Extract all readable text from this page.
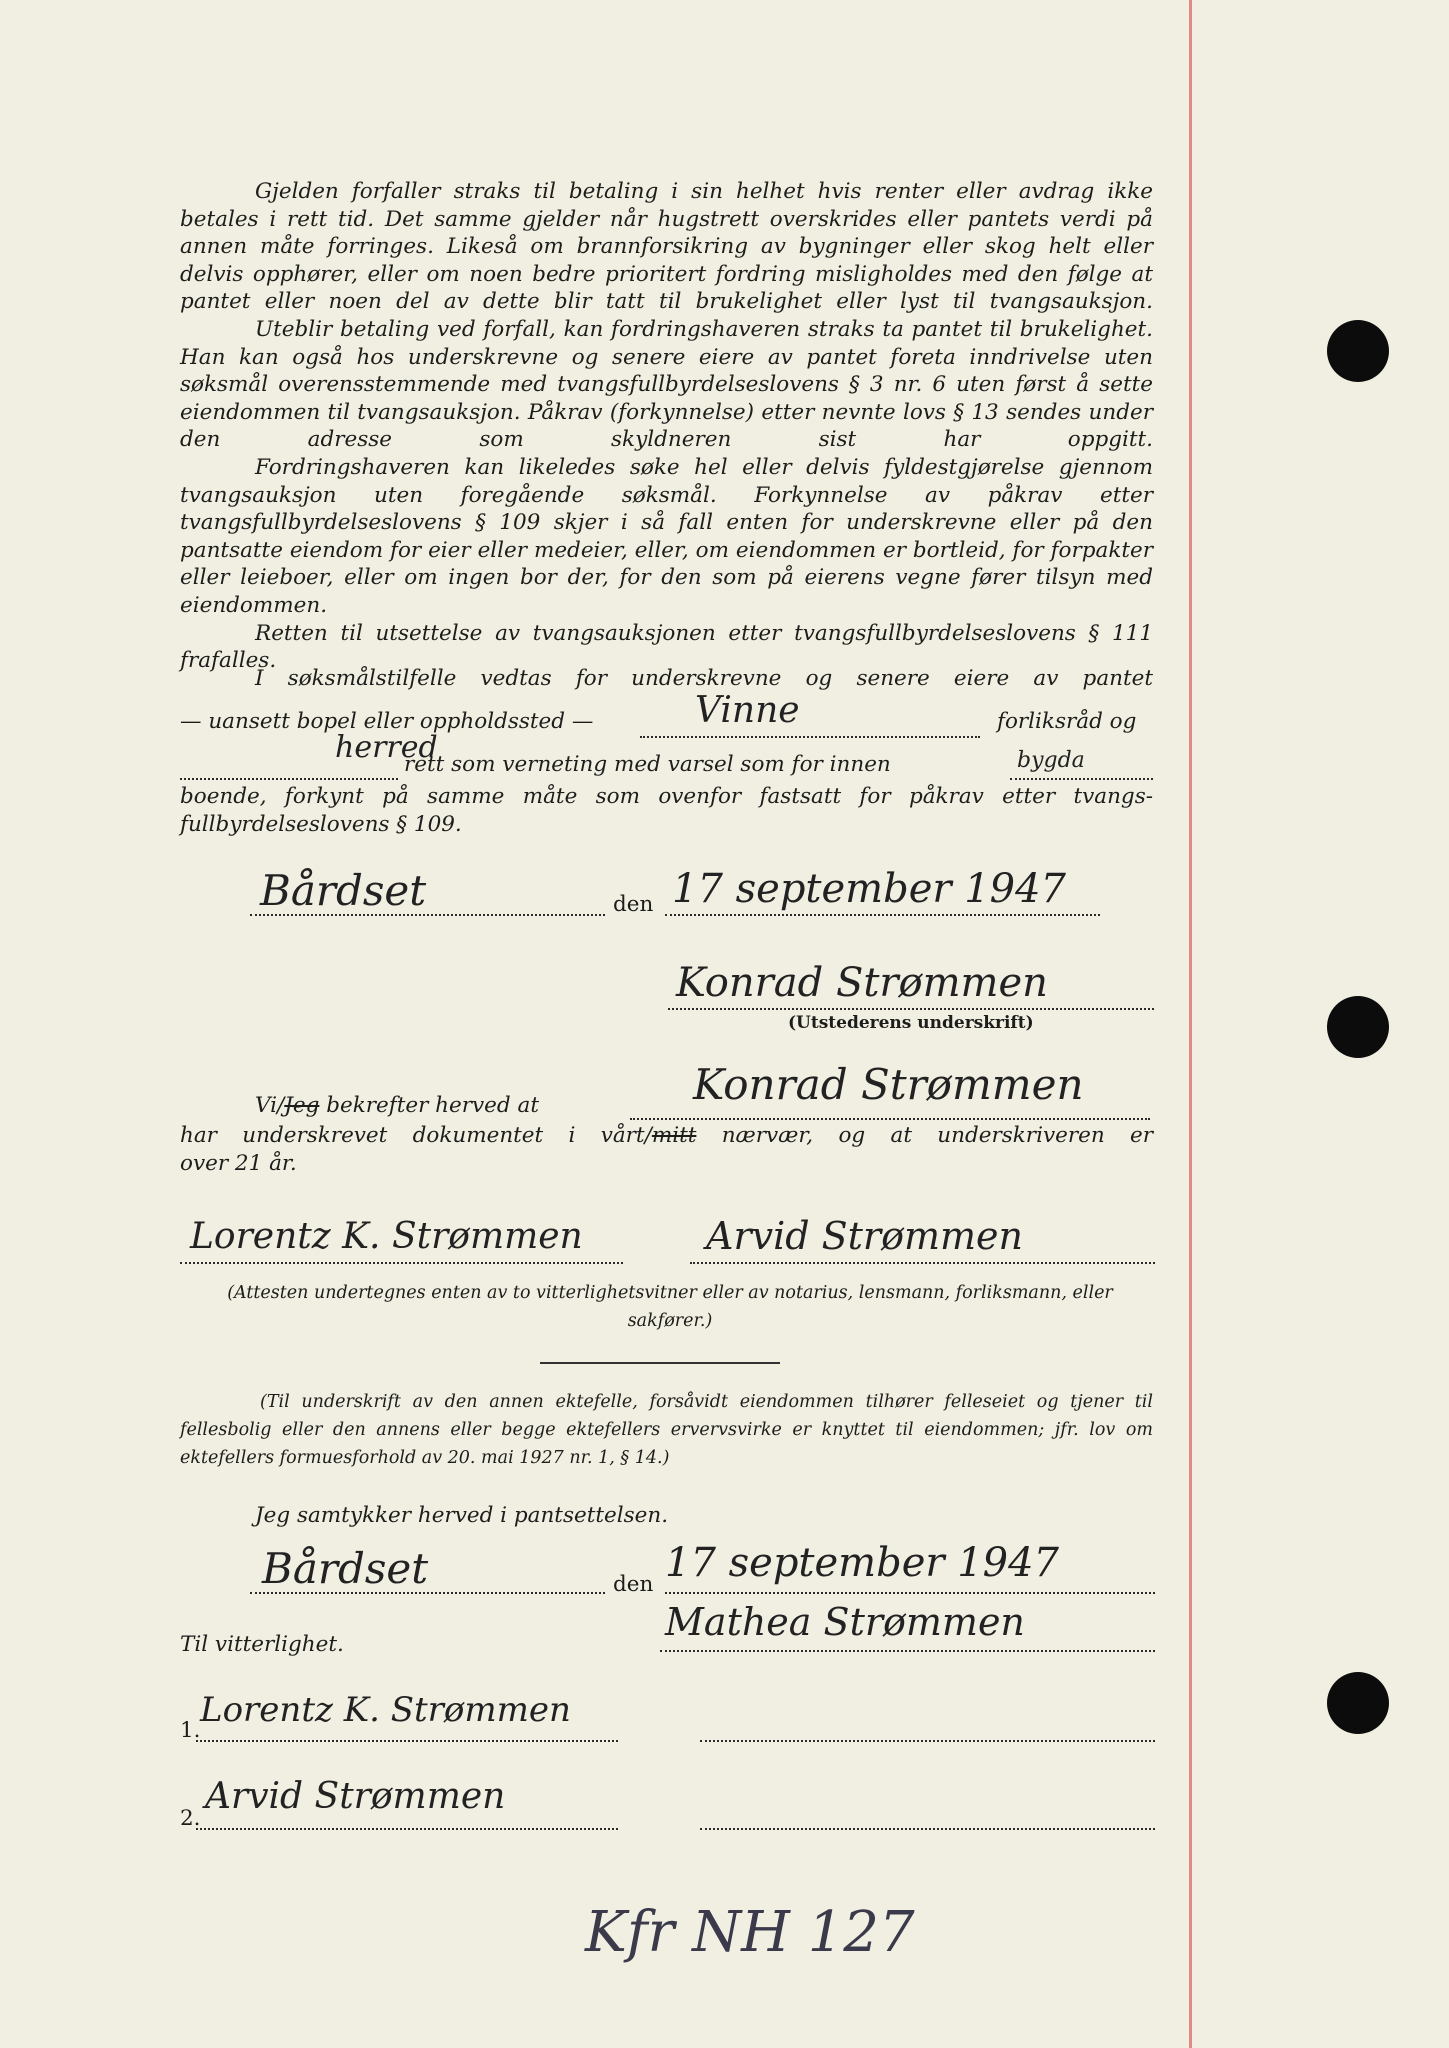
Gjelden forfaller straks til betaling i sin helhet hvis renter eller avdrag ikke betales i rett tid. Det samme gjelder når hugstrett overskrides eller pantets verdi på annen måte forringes. Likeså om brannforsikring av bygninger eller skog helt eller delvis opphører, eller om noen bedre prioritert fordring misligholdes med den følge at pantet eller noen del av dette blir tatt til brukelighet eller lyst til tvangsauksjon.

Uteblir betaling ved forfall, kan fordringshaveren straks ta pantet til brukelighet. Han kan også hos underskrevne og senere eiere av pantet foreta inndrivelse uten søksmål overensstemmende med tvangsfullbyrdelseslovens § 3 nr. 6 uten først å sette eiendommen til tvangsauksjon. Påkrav (forkynnelse) etter nevnte lovs § 13 sendes under den adresse som skyldneren sist har oppgitt.

Fordringshaveren kan likeledes søke hel eller delvis fyldestgjørelse gjennom tvangsauksjon uten foregående søksmål. Forkynnelse av påkrav etter tvangsfullbyrdelseslovens § 109 skjer i så fall enten for underskrevne eller på den pantsatte eiendom for eier eller medeier, eller, om eiendommen er bortleid, for forpakter eller leieboer, eller om ingen bor der, for den som på eierens vegne fører tilsyn med eiendommen.

Retten til utsettelse av tvangsauksjonen etter tvangsfullbyrdelseslovens § 111 frafalles.

I søksmålstilfelle vedtas for underskrevne og senere eiere av pantet
— uansett bopel eller oppholdssted —	Vinne	forliksråd og
herred
rett som verneting med varsel som for innen	bygda
boende, forkynt på samme måte som ovenfor fastsatt for påkrav etter tvangs-
fullbyrdelseslovens § 109.
Bårdset	den 17 september 1947
Konrad Strømmen
(Utstederens underskrift)
Vi/Jeg bekrefter herved at	Konrad Strømmen
har underskrevet dokumentet i vårt/mitt nærvær, og at underskriveren er
over 21 år.
Lorentz K. Strømmen	Arvid Strømmen
(Attesten undertegnes enten av to vitterlighetsvitner eller av notarius, lensmann, forliksmann, eller sakfører.)
(Til underskrift av den annen ektefelle, forsåvidt eiendommen tilhører felleseiet og tjener til fellesbolig eller den annens eller begge ektefellers ervervsvirke er knyttet til eiendommen; jfr. lov om ektefellers formuesforhold av 20. mai 1927 nr. 1, § 14.)
Jeg samtykker herved i pantsettelsen.
Bårdset	den 17 september 1947
Til vitterlighet.
Mathea Strømmen
1.
Lorentz K. Strømmen
2.
Arvid Strømmen
Kfr NH 127
